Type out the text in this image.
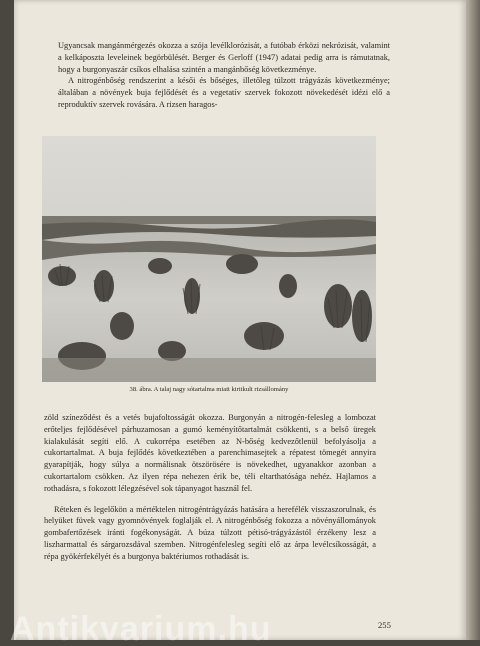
Ugyancsak mangánmérgezés okozza a szója levélklorózisát, a futóbab érközi nekrózisát, valamint a kelkáposzta leveleinek begörbülését. Berger és Gerloff (1947) adatai pedig arra is rámutatnak, hogy a burgonyaszár csíkos elhalása szintén a mangánbőség következménye.

A nitrogénbőség rendszerint a késői és bőséges, illetőleg túlzott trágyázás következménye; általában a növények buja fejlődését és a vegetatív szervek fokozott növekedését idézi elő a reproduktív szervek rovására. A rizsen haragos-

38. ábra. A talaj nagy sótartalma miatt kiritkult rizsállomány

zöld színeződést és a vetés bujafoltosságát okozza. Burgonyán a nitrogén-felesleg a lombozat erőteljes fejlődésével párhuzamosan a gumó keményítőtartalmát csökkenti, s a belső üregek kialakulását segíti elő. A cukorrépa esetében az N-bőség kedvezőtlenül befolyásolja a cukortartalmat. A buja fejlődés következtében a parenchimasejtek a répatest tömegét annyira gyarapítják, hogy súlya a normálisnak ötszörösére is növekedhet, ugyanakkor azonban a cukortartalom csökken. Az ilyen répa nehezen érik be, téli eltarthatósága nehéz. Hajlamos a rothadásra, s fokozott lélegzésével sok tápanyagot használ fel.

Réteken és legelőkön a mértéktelen nitrogéntrágyázás hatására a herefélék visszaszorulnak, és helyüket füvek vagy gyomnövények foglalják el. A nitrogénbőség fokozza a növényállományok gombafertőzések iránti fogékonyságát. A búza túlzott pétisó-trágyázástól érzékeny lesz a liszharmattal és sárgarozsdával szemben. Nitrogénfelesleg segíti elő az árpa levélcsíkosságát, a répa gyökérfekélyét és a burgonya baktériumos rothadását is.

255
Antikvarium.hu
